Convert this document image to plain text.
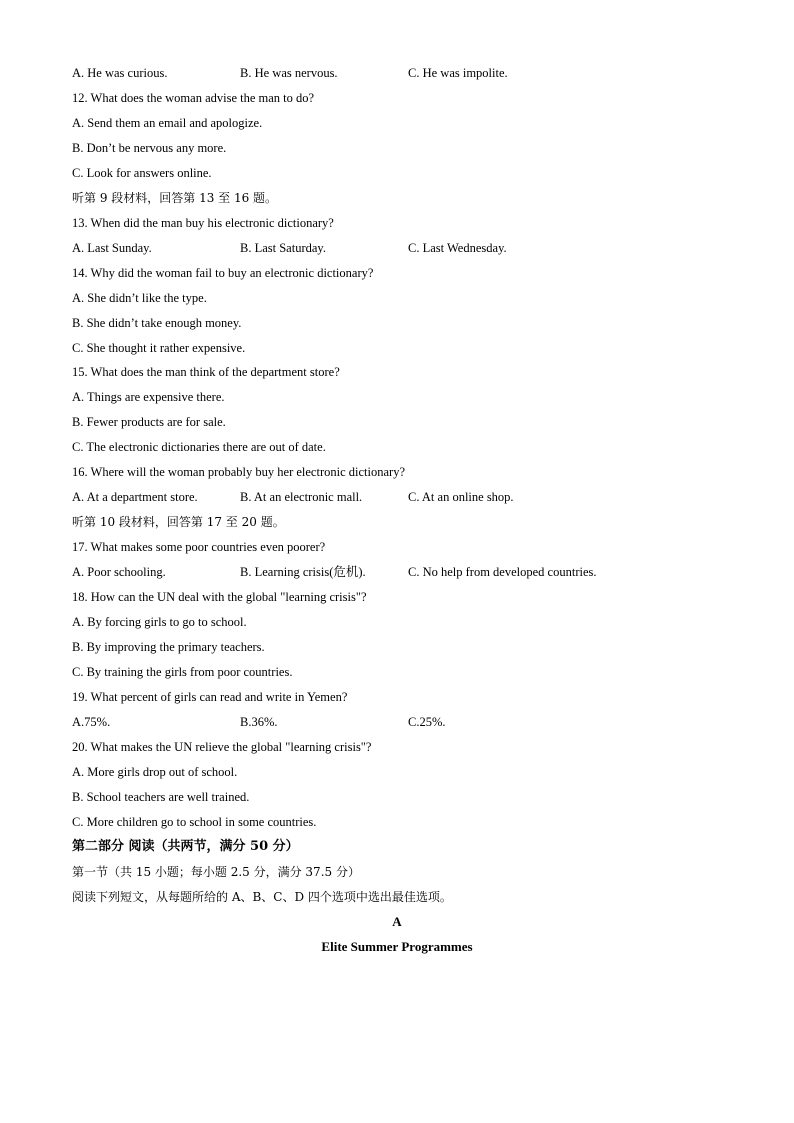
A. He was curious.	B. He was nervous.	C. He was impolite.
12. What does the woman advise the man to do?
A. Send them an email and apologize.
B. Don’t be nervous any more.
C. Look for answers online.
听第 9 段材料，回答第 13 至 16 题。
13. When did the man buy his electronic dictionary?
A. Last Sunday.	B. Last Saturday.	C. Last Wednesday.
14. Why did the woman fail to buy an electronic dictionary?
A. She didn’t like the type.
B. She didn’t take enough money.
C. She thought it rather expensive.
15. What does the man think of the department store?
A. Things are expensive there.
B. Fewer products are for sale.
C. The electronic dictionaries there are out of date.
16. Where will the woman probably buy her electronic dictionary?
A. At a department store.	B. At an electronic mall.	C. At an online shop.
听第 10 段材料，回答第 17 至 20 题。
17. What makes some poor countries even poorer?
A. Poor schooling.	B. Learning crisis(危机).	C. No help from developed countries.
18. How can the UN deal with the global "learning crisis"?
A. By forcing girls to go to school.
B. By improving the primary teachers.
C. By training the girls from poor countries.
19. What percent of girls can read and write in Yemen?
A.75%.	B.36%.	C.25%.
20. What makes the UN relieve the global "learning crisis"?
A. More girls drop out of school.
B. School teachers are well trained.
C. More children go to school in some countries.
第二部分 阅读（共两节，满分 50 分）
第一节（共 15 小题；每小题 2.5 分，满分 37.5 分）
阅读下列短文，从每题所给的 A、B、C、D 四个选项中选出最佳选项。
A
Elite Summer Programmes
